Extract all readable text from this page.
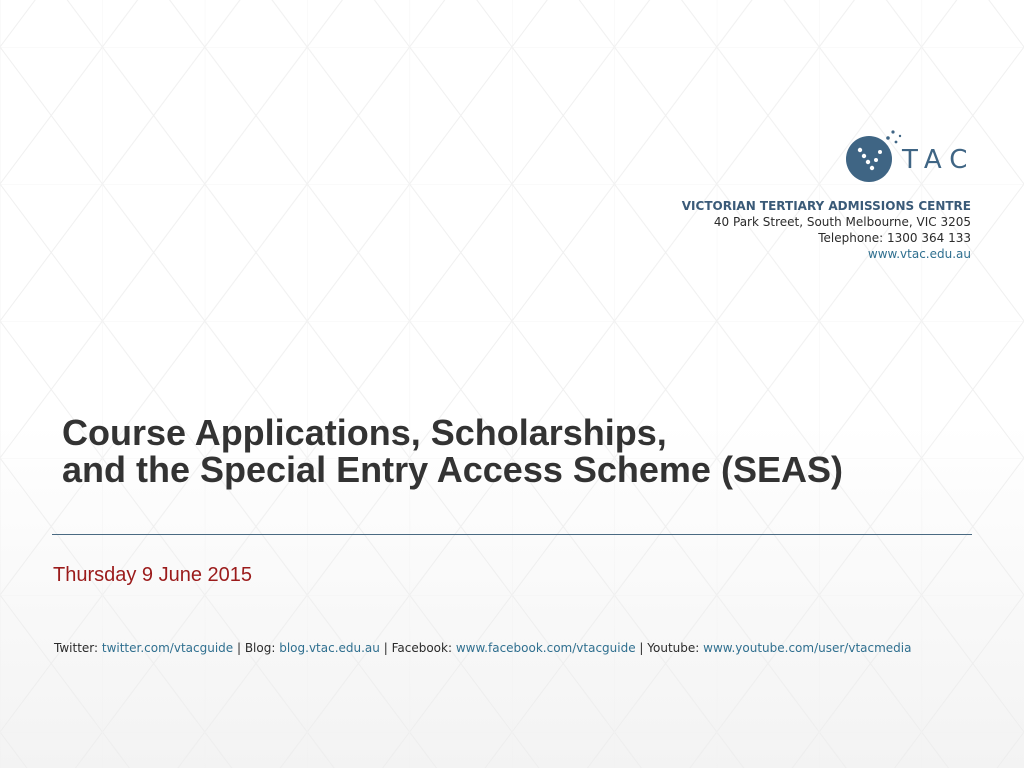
TAC
VICTORIAN TERTIARY ADMISSIONS CENTRE
40 Park Street, South Melbourne, VIC 3205
Telephone: 1300 364 133
www.vtac.edu.au
Course Applications, Scholarships,
and the Special Entry Access Scheme (SEAS)
Thursday 9 June 2015
Twitter: twitter.com/vtacguide | Blog: blog.vtac.edu.au | Facebook: www.facebook.com/vtacguide | Youtube: www.youtube.com/user/vtacmedia
